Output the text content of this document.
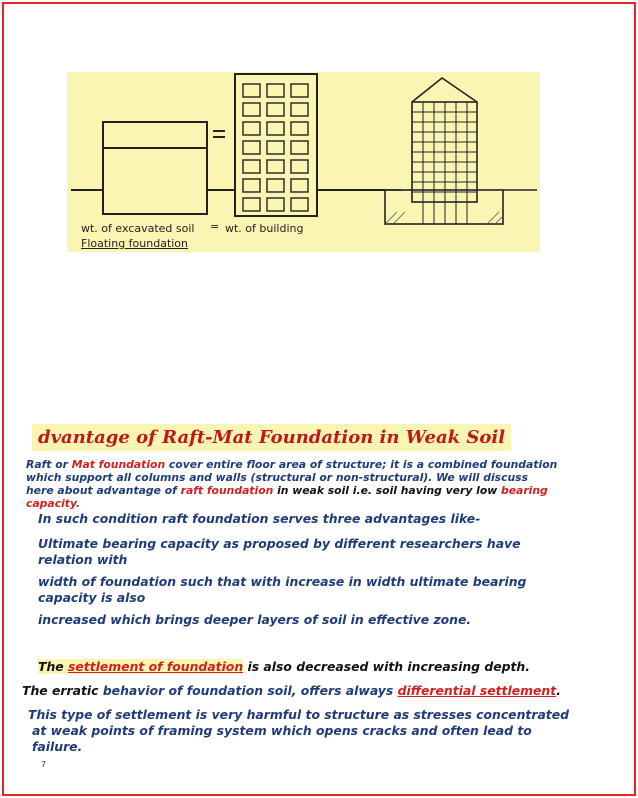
wt. of excavated soil = wt. of building
Floating foundation
dvantage of Raft-Mat Foundation in Weak Soil
Raft or Mat foundation cover entire floor area of structure; it is a combined foundation
which support all columns and walls (structural or non-structural). We will discuss
here about advantage of raft foundation in weak soil i.e. soil having very low bearing
capacity.
In such condition raft foundation serves three advantages like-
Ultimate bearing capacity as proposed by different researchers have
relation with
width of foundation such that with increase in width ultimate bearing
capacity is also
increased which brings deeper layers of soil in effective zone.
The settlement of foundation is also decreased with increasing depth.
The erratic behavior of foundation soil, offers always differential settlement.
This type of settlement is very harmful to structure as stresses concentrated
at weak points of framing system which opens cracks and often lead to
failure.
7
